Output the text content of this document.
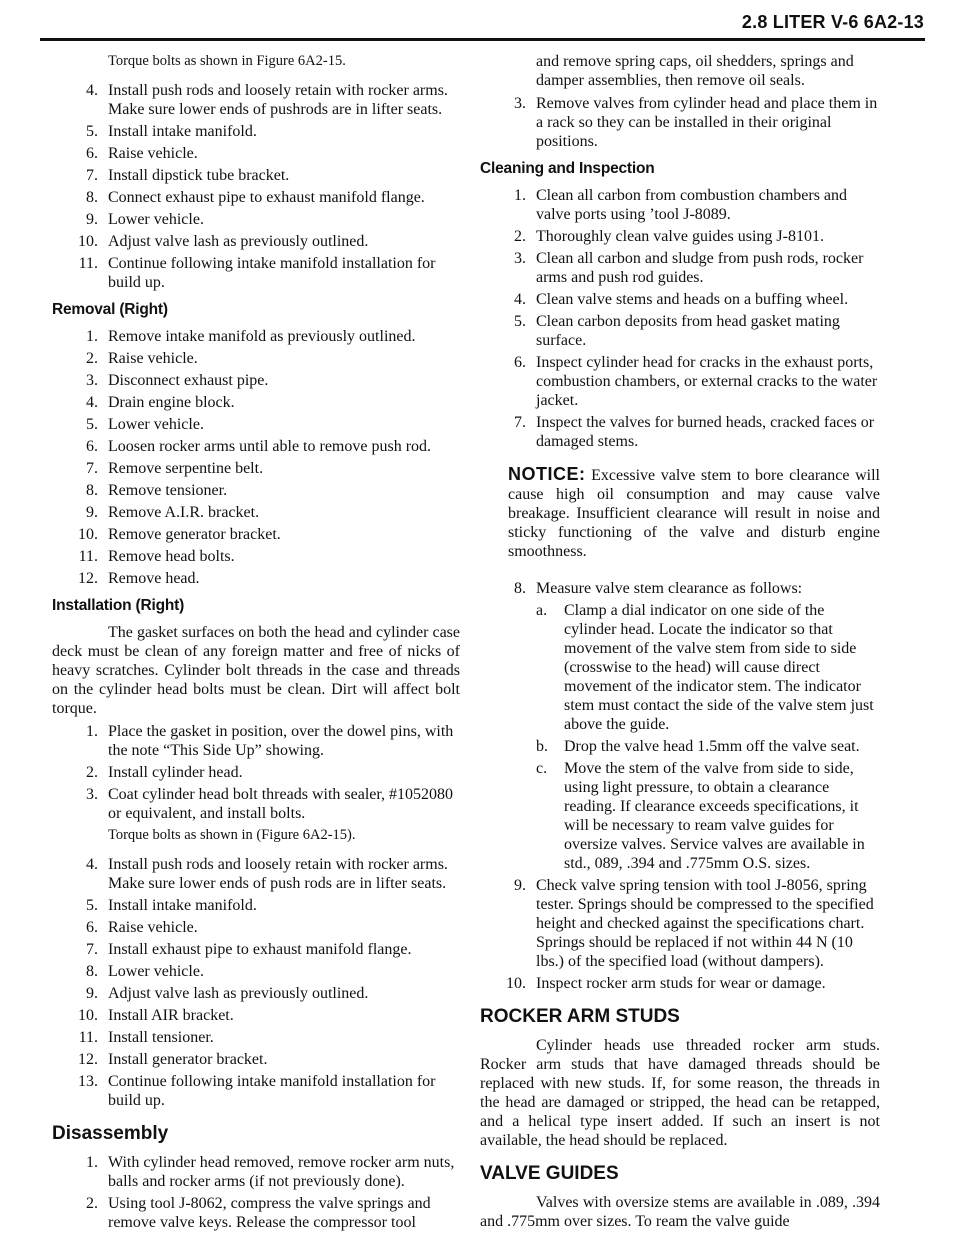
2.8 LITER V-6 6A2-13
Torque bolts as shown in Figure 6A2-15.
4. Install push rods and loosely retain with rocker arms. Make sure lower ends of pushrods are in lifter seats.
5. Install intake manifold.
6. Raise vehicle.
7. Install dipstick tube bracket.
8. Connect exhaust pipe to exhaust manifold flange.
9. Lower vehicle.
10. Adjust valve lash as previously outlined.
11. Continue following intake manifold installation for build up.
Removal (Right)
1. Remove intake manifold as previously outlined.
2. Raise vehicle.
3. Disconnect exhaust pipe.
4. Drain engine block.
5. Lower vehicle.
6. Loosen rocker arms until able to remove push rod.
7. Remove serpentine belt.
8. Remove tensioner.
9. Remove A.I.R. bracket.
10. Remove generator bracket.
11. Remove head bolts.
12. Remove head.
Installation (Right)

The gasket surfaces on both the head and cylinder case deck must be clean of any foreign matter and free of nicks of heavy scratches. Cylinder bolt threads in the case and threads on the cylinder head bolts must be clean. Dirt will affect bolt torque.

1. Place the gasket in position, over the dowel pins, with the note “This Side Up” showing.
2. Install cylinder head.
3. Coat cylinder head bolt threads with sealer, #1052080 or equivalent, and install bolts.
Torque bolts as shown in (Figure 6A2-15).
4. Install push rods and loosely retain with rocker arms. Make sure lower ends of push rods are in lifter seats.
5. Install intake manifold.
6. Raise vehicle.
7. Install exhaust pipe to exhaust manifold flange.
8. Lower vehicle.
9. Adjust valve lash as previously outlined.
10. Install AIR bracket.
11. Install tensioner.
12. Install generator bracket.
13. Continue following intake manifold installation for build up.
Disassembly
1. With cylinder head removed, remove rocker arm nuts, balls and rocker arms (if not previously done).
2. Using tool J-8062, compress the valve springs and remove valve keys. Release the compressor tool

and remove spring caps, oil shedders, springs and damper assemblies, then remove oil seals.

3. Remove valves from cylinder head and place them in a rack so they can be installed in their original positions.
Cleaning and Inspection
1. Clean all carbon from combustion chambers and valve ports using ’tool J-8089.
2. Thoroughly clean valve guides using J-8101.
3. Clean all carbon and sludge from push rods, rocker arms and push rod guides.
4. Clean valve stems and heads on a buffing wheel.
5. Clean carbon deposits from head gasket mating surface.
6. Inspect cylinder head for cracks in the exhaust ports, combustion chambers, or external cracks to the water jacket.
7. Inspect the valves for burned heads, cracked faces or damaged stems.

NOTICE: Excessive valve stem to bore clearance will cause high oil consumption and may cause valve breakage. Insufficient clearance will result in noise and sticky functioning of the valve and disturb engine smoothness.

8. Measure valve stem clearance as follows:
a.	Clamp a dial indicator on one side of the cylinder head. Locate the indicator so that movement of the valve stem from side to side (crosswise to the head) will cause direct movement of the indicator stem. The indicator stem must contact the side of the valve stem just above the guide.
b.	Drop the valve head 1.5mm off the valve seat.
c.	Move the stem of the valve from side to side, using light pressure, to obtain a clearance reading. If clearance exceeds specifications, it will be necessary to ream valve guides for oversize valves. Service valves are available in std., 089, .394 and .775mm O.S. sizes.
9. Check valve spring tension with tool J-8056, spring tester. Springs should be compressed to the specified height and checked against the specifications chart. Springs should be replaced if not within 44 N (10 lbs.) of the specified load (without dampers).
10. Inspect rocker arm studs for wear or damage.
ROCKER ARM STUDS

Cylinder heads use threaded rocker arm studs. Rocker arm studs that have damaged threads should be replaced with new studs. If, for some reason, the threads in the head are damaged or stripped, the head can be retapped, and a helical type insert added. If such an insert is not available, the head should be replaced.

VALVE GUIDES

Valves with oversize stems are available in .089, .394 and .775mm over sizes. To ream the valve guide
